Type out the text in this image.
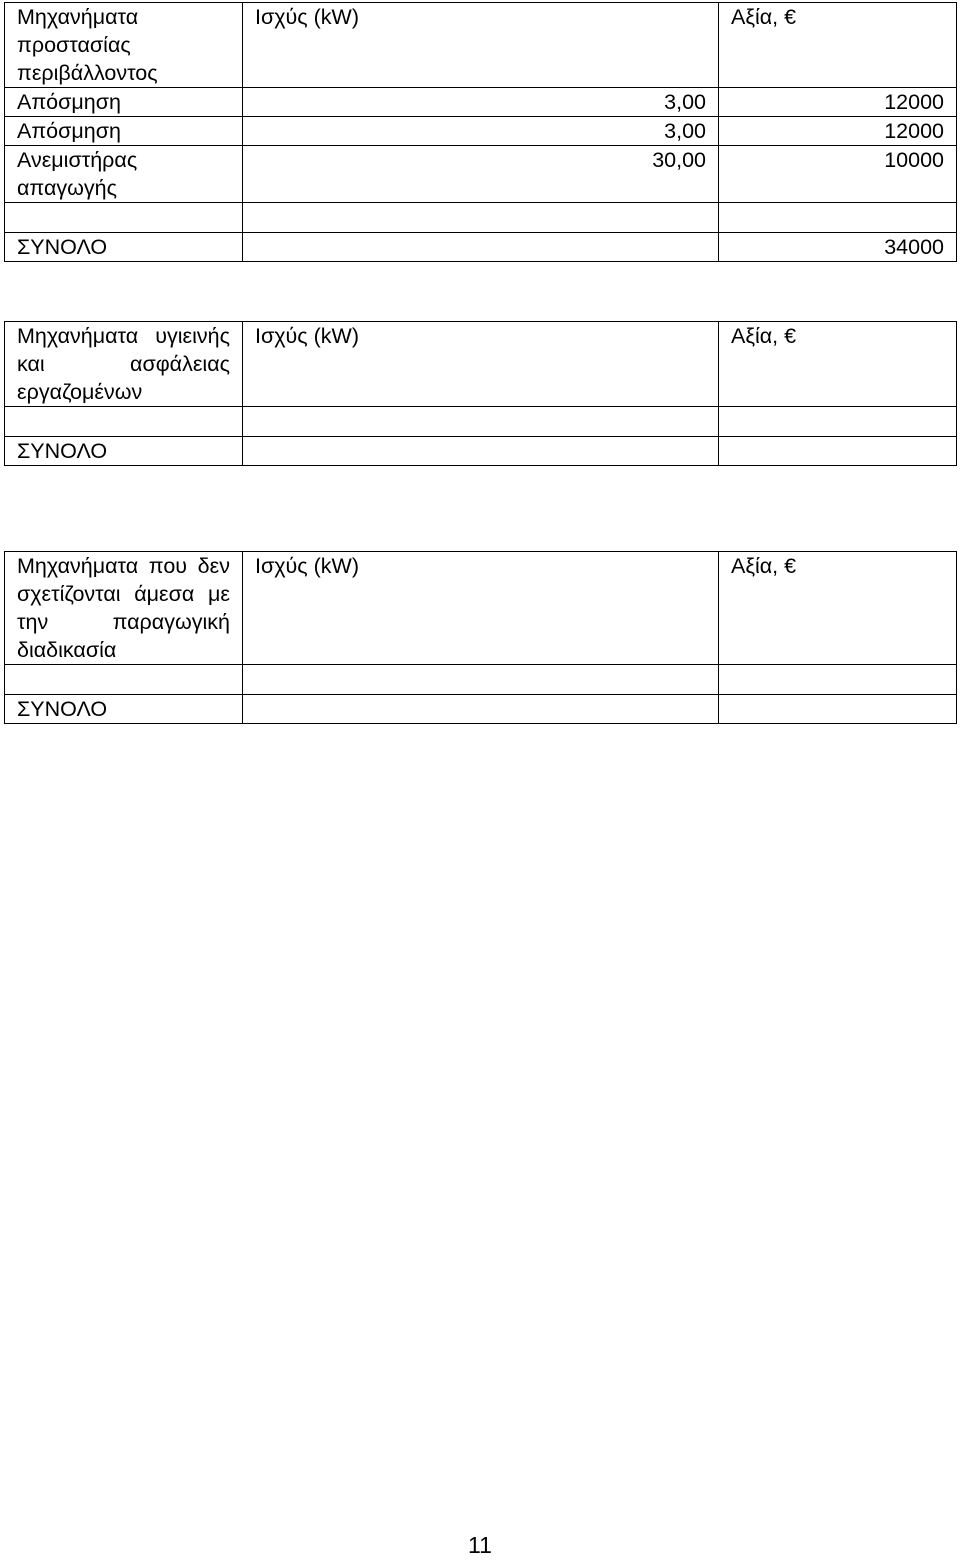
Μηχανήματα προστασίας περιβάλλοντος	Ισχύς (kW)	Αξία, €
Απόσμηση	3,00	12000
Απόσμηση	3,00	12000
Ανεμιστήρας απαγωγής	30,00	10000

ΣΥΝΟΛΟ		34000
Μηχανήματα υγιεινής και ασφάλειας εργαζομένων	Ισχύς (kW)	Αξία, €

ΣΥΝΟΛΟ		
Μηχανήματα που δεν σχετίζονται άμεσα με την παραγωγική διαδικασία	Ισχύς (kW)	Αξία, €

ΣΥΝΟΛΟ		
11
